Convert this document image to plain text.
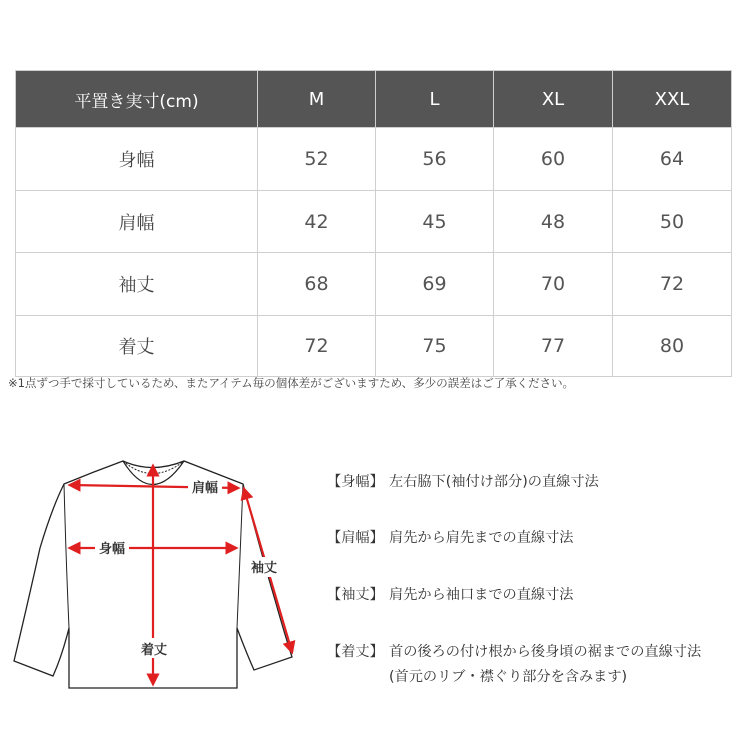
平置き実寸(cm)	M	L	XL	XXL
身幅	52	56	60	64
肩幅	42	45	48	50
袖丈	68	69	70	72
着丈	72	75	77	80
※1点ずつ手で採寸しているため、またアイテム毎の個体差がございますため、多少の誤差はご了承ください。
肩幅
身幅
着丈
袖丈
【身幅】 左右脇下(袖付け部分)の直線寸法
【肩幅】 肩先から肩先までの直線寸法
【袖丈】 肩先から袖口までの直線寸法
【着丈】 首の後ろの付け根から後身頃の裾までの直線寸法
(首元のリブ・襟ぐり部分を含みます)
